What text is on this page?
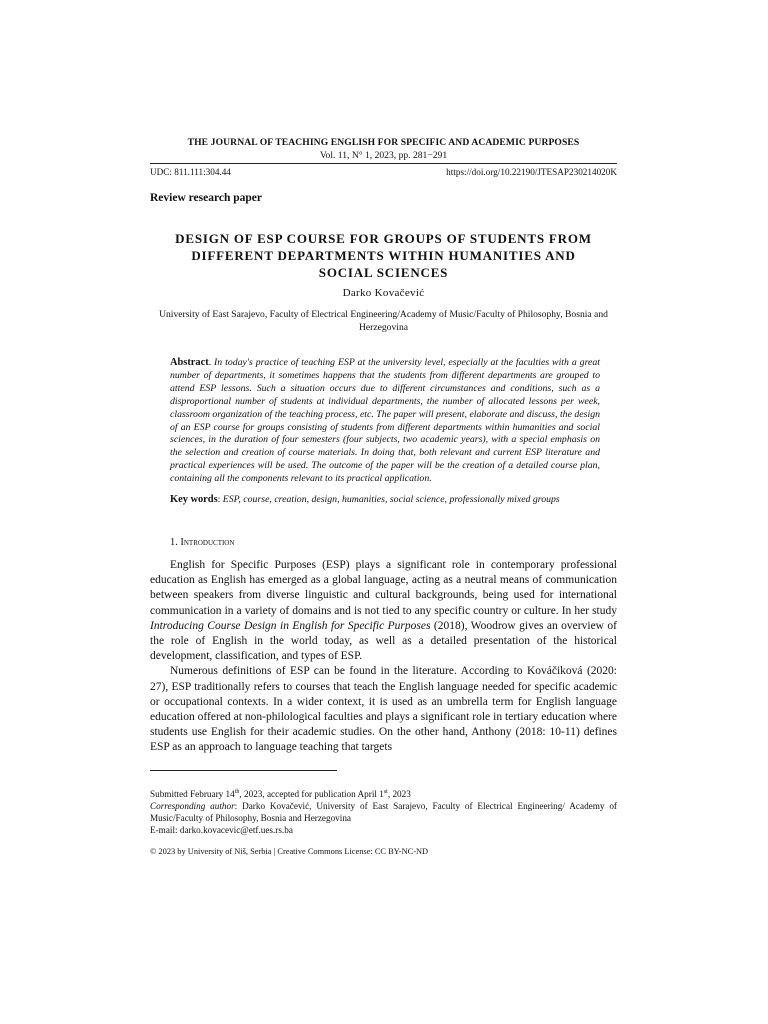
THE JOURNAL OF TEACHING ENGLISH FOR SPECIFIC AND ACADEMIC PURPOSES
Vol. 11, N° 1, 2023, pp. 281−291
UDC: 811.111:304.44	https://doi.org/10.22190/JTESAP230214020K
Review research paper
DESIGN OF ESP COURSE FOR GROUPS OF STUDENTS FROM
DIFFERENT DEPARTMENTS WITHIN HUMANITIES AND
SOCIAL SCIENCES
Darko Kovačević
University of East Sarajevo, Faculty of Electrical Engineering/Academy of Music/Faculty of Philosophy, Bosnia and Herzegovina
Abstract. In today's practice of teaching ESP at the university level, especially at the faculties with a great number of departments, it sometimes happens that the students from different departments are grouped to attend ESP lessons. Such a situation occurs due to different circumstances and conditions, such as a disproportional number of students at individual departments, the number of allocated lessons per week, classroom organization of the teaching process, etc. The paper will present, elaborate and discuss, the design of an ESP course for groups consisting of students from different departments within humanities and social sciences, in the duration of four semesters (four subjects, two academic years), with a special emphasis on the selection and creation of course materials. In doing that, both relevant and current ESP literature and practical experiences will be used. The outcome of the paper will be the creation of a detailed course plan, containing all the components relevant to its practical application.
Key words: ESP, course, creation, design, humanities, social science, professionally mixed groups
1. Introduction

English for Specific Purposes (ESP) plays a significant role in contemporary professional education as English has emerged as a global language, acting as a neutral means of communication between speakers from diverse linguistic and cultural backgrounds, being used for international communication in a variety of domains and is not tied to any specific country or culture. In her study Introducing Course Design in English for Specific Purposes (2018), Woodrow gives an overview of the role of English in the world today, as well as a detailed presentation of the historical development, classification, and types of ESP.

Numerous definitions of ESP can be found in the literature. According to Kováčiková (2020: 27), ESP traditionally refers to courses that teach the English language needed for specific academic or occupational contexts. In a wider context, it is used as an umbrella term for English language education offered at non-philological faculties and plays a significant role in tertiary education where students use English for their academic studies. On the other hand, Anthony (2018: 10-11) defines ESP as an approach to language teaching that targets

Submitted February 14th, 2023, accepted for publication April 1st, 2023
Corresponding author: Darko Kovačević, University of East Sarajevo, Faculty of Electrical Engineering/ Academy of Music/Faculty of Philosophy, Bosnia and Herzegovina
E-mail: darko.kovacevic@etf.ues.rs.ba
© 2023 by University of Niš, Serbia | Creative Commons License: CC BY-NC-ND
